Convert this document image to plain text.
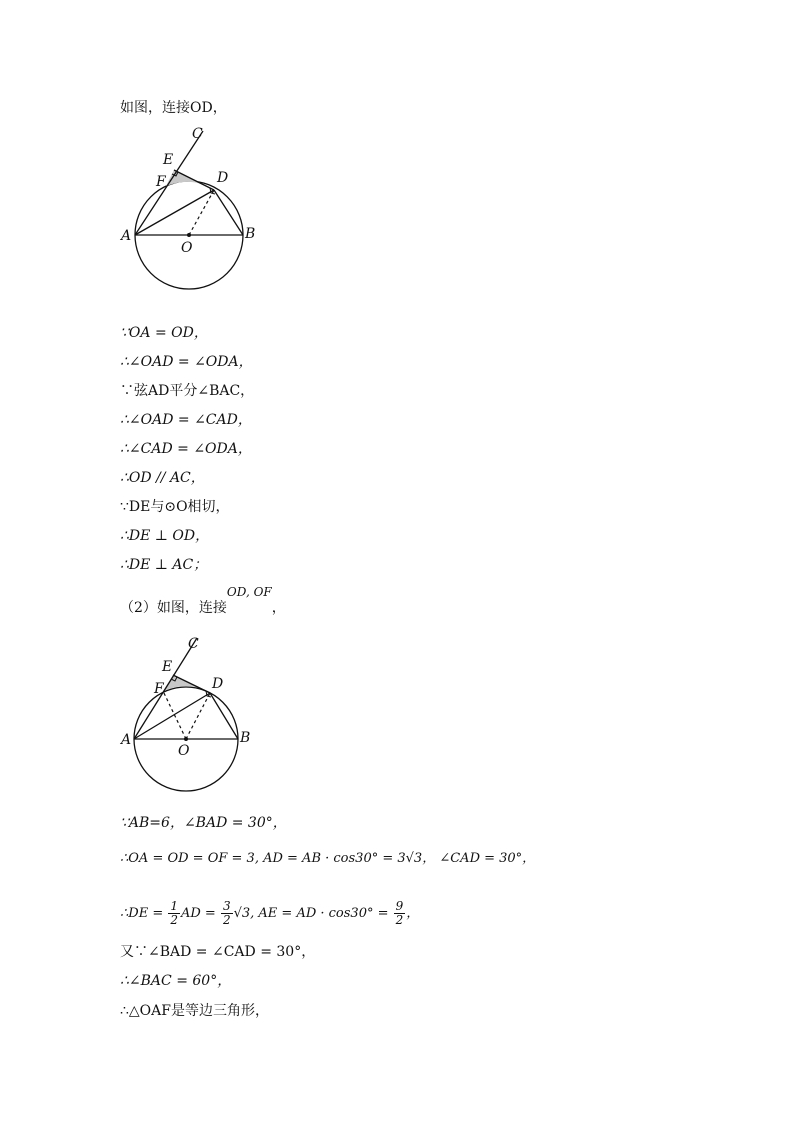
如图，连接OD，
C
E
F	D
A	B
O
∵OA = OD，
∴∠OAD = ∠ODA，
∵弦AD平分∠BAC，
∴∠OAD = ∠CAD，
∴∠CAD = ∠ODA，
∴OD // AC，
∵DE与⊙O相切，
∴DE ⊥ OD，
∴DE ⊥ AC；
（2）如图，连接OD, OF，
C
E
F	D
A	B
O
∵AB=6，∠BAD = 30°，
∴OA = OD = OF = 3, AD = AB · cos30° = 3√3， ∠CAD = 30°，
∴DE = $\frac{1}{2}$ AD = $\frac{3}{2} √3$, AE = AD · $\cos 30^\circ = \frac{9}{2}$ ，
又∵∠BAD = ∠CAD = 30°，
∴∠BAC = 60°，
∴△OAF是等边三角形，
